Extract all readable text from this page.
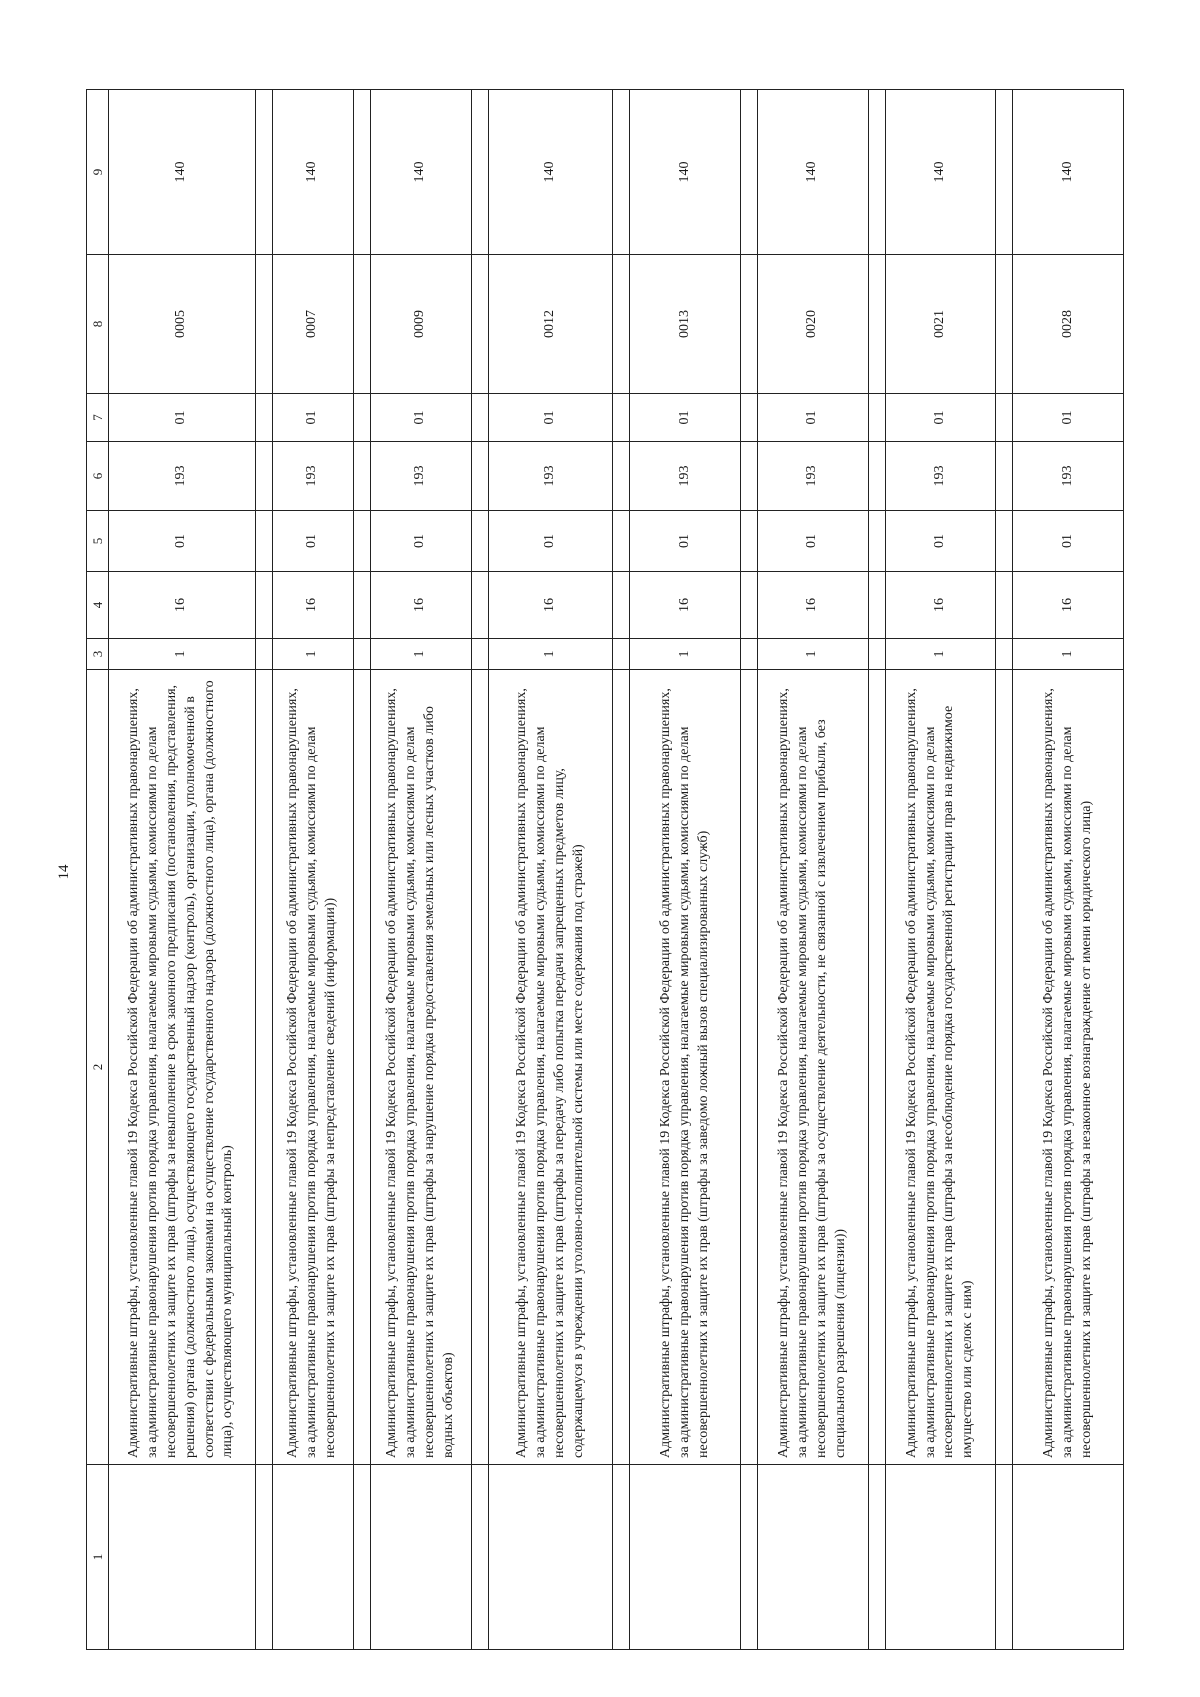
14
1	2	3	4	5	6	7	8	9
	Административные штрафы, установленные главой 19 Кодекса Российской Федерации об административных правонарушениях, за административные правонарушения против порядка управления, налагаемые мировыми судьями, комиссиями по делам несовершеннолетних и защите их прав (штрафы за невыполнение в срок законного предписания (постановления, представления, решения) органа (должностного лица), осуществляющего государственный надзор (контроль), организации, уполномоченной в соответствии с федеральными законами на осуществление государственного надзора (должностного лица), органа (должностного лица), осуществляющего муниципальный контроль)	1	16	01	193	01	0005	140

	Административные штрафы, установленные главой 19 Кодекса Российской Федерации об административных правонарушениях, за административные правонарушения против порядка управления, налагаемые мировыми судьями, комиссиями по делам несовершеннолетних и защите их прав (штрафы за непредставление сведений (информации))	1	16	01	193	01	0007	140

	Административные штрафы, установленные главой 19 Кодекса Российской Федерации об административных правонарушениях, за административные правонарушения против порядка управления, налагаемые мировыми судьями, комиссиями по делам несовершеннолетних и защите их прав (штрафы за нарушение порядка предоставления земельных или лесных участков либо водных объектов)	1	16	01	193	01	0009	140

	Административные штрафы, установленные главой 19 Кодекса Российской Федерации об административных правонарушениях, за административные правонарушения против порядка управления, налагаемые мировыми судьями, комиссиями по делам несовершеннолетних и защите их прав (штрафы за передачу либо попытка передачи запрещенных предметов лицу, содержащемуся в учреждении уголовно-исполнительной системы или месте содержания под стражей)	1	16	01	193	01	0012	140

	Административные штрафы, установленные главой 19 Кодекса Российской Федерации об административных правонарушениях, за административные правонарушения против порядка управления, налагаемые мировыми судьями, комиссиями по делам несовершеннолетних и защите их прав (штрафы за заведомо ложный вызов специализированных служб)	1	16	01	193	01	0013	140

	Административные штрафы, установленные главой 19 Кодекса Российской Федерации об административных правонарушениях, за административные правонарушения против порядка управления, налагаемые мировыми судьями, комиссиями по делам несовершеннолетних и защите их прав (штрафы за осуществление деятельности, не связанной с извлечением прибыли, без специального разрешения (лицензии))	1	16	01	193	01	0020	140

	Административные штрафы, установленные главой 19 Кодекса Российской Федерации об административных правонарушениях, за административные правонарушения против порядка управления, налагаемые мировыми судьями, комиссиями по делам несовершеннолетних и защите их прав (штрафы за несоблюдение порядка государственной регистрации прав на недвижимое имущество или сделок с ним)	1	16	01	193	01	0021	140

	Административные штрафы, установленные главой 19 Кодекса Российской Федерации об административных правонарушениях, за административные правонарушения против порядка управления, налагаемые мировыми судьями, комиссиями по делам несовершеннолетних и защите их прав (штрафы за незаконное вознаграждение от имени юридического лица)	1	16	01	193	01	0028	140
